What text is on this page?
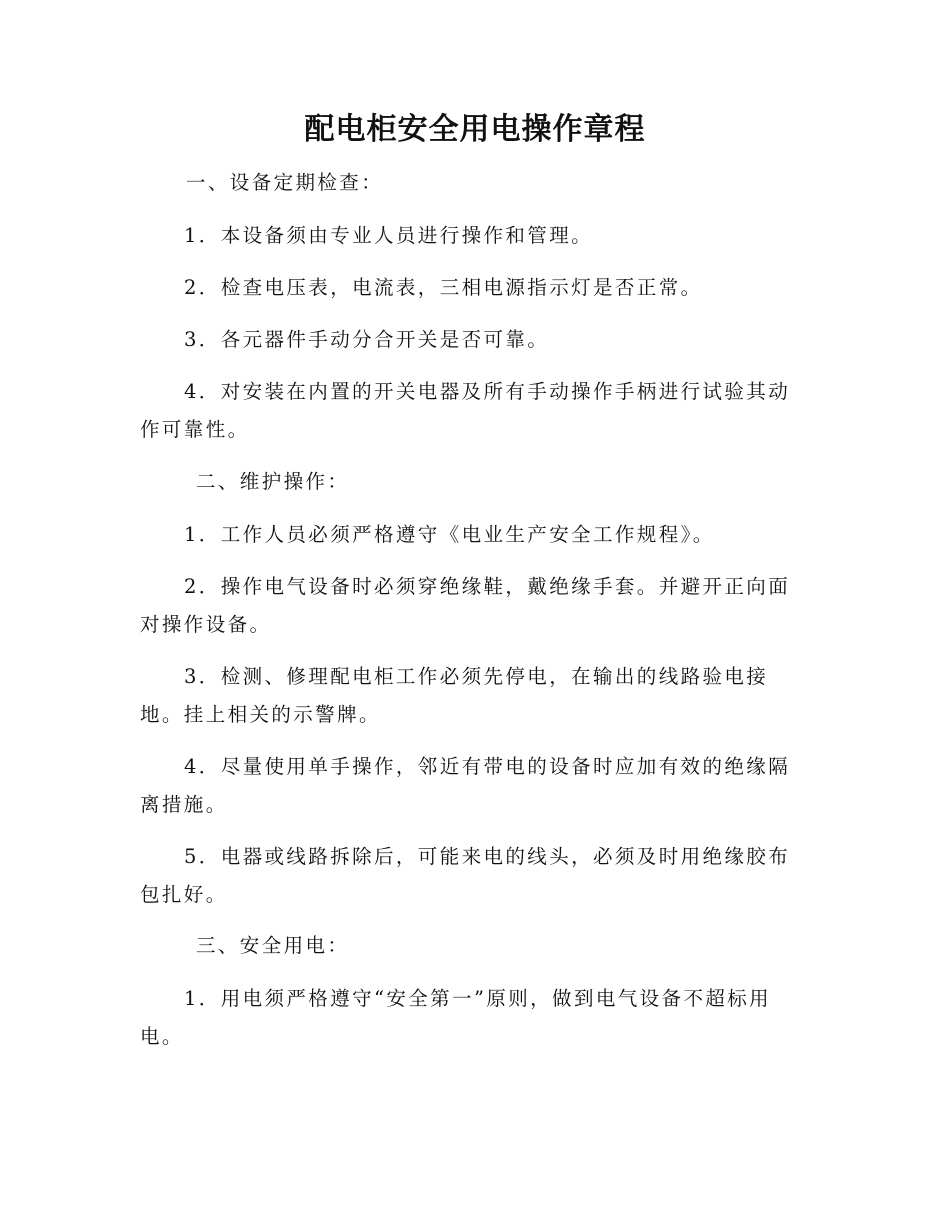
配电柜安全用电操作章程

一、设备定期检查：

1．本设备须由专业人员进行操作和管理。

2．检查电压表，电流表，三相电源指示灯是否正常。

3．各元器件手动分合开关是否可靠。

4．对安装在内置的开关电器及所有手动操作手柄进行试验其动作可靠性。

二、维护操作：

1．工作人员必须严格遵守《电业生产安全工作规程》。

2．操作电气设备时必须穿绝缘鞋，戴绝缘手套。并避开正向面对操作设备。

3．检测、修理配电柜工作必须先停电，在输出的线路验电接地。挂上相关的示警牌。

4．尽量使用单手操作，邻近有带电的设备时应加有效的绝缘隔离措施。

5．电器或线路拆除后，可能来电的线头，必须及时用绝缘胶布包扎好。

三、安全用电：

1．用电须严格遵守“安全第一”原则，做到电气设备不超标用电。
